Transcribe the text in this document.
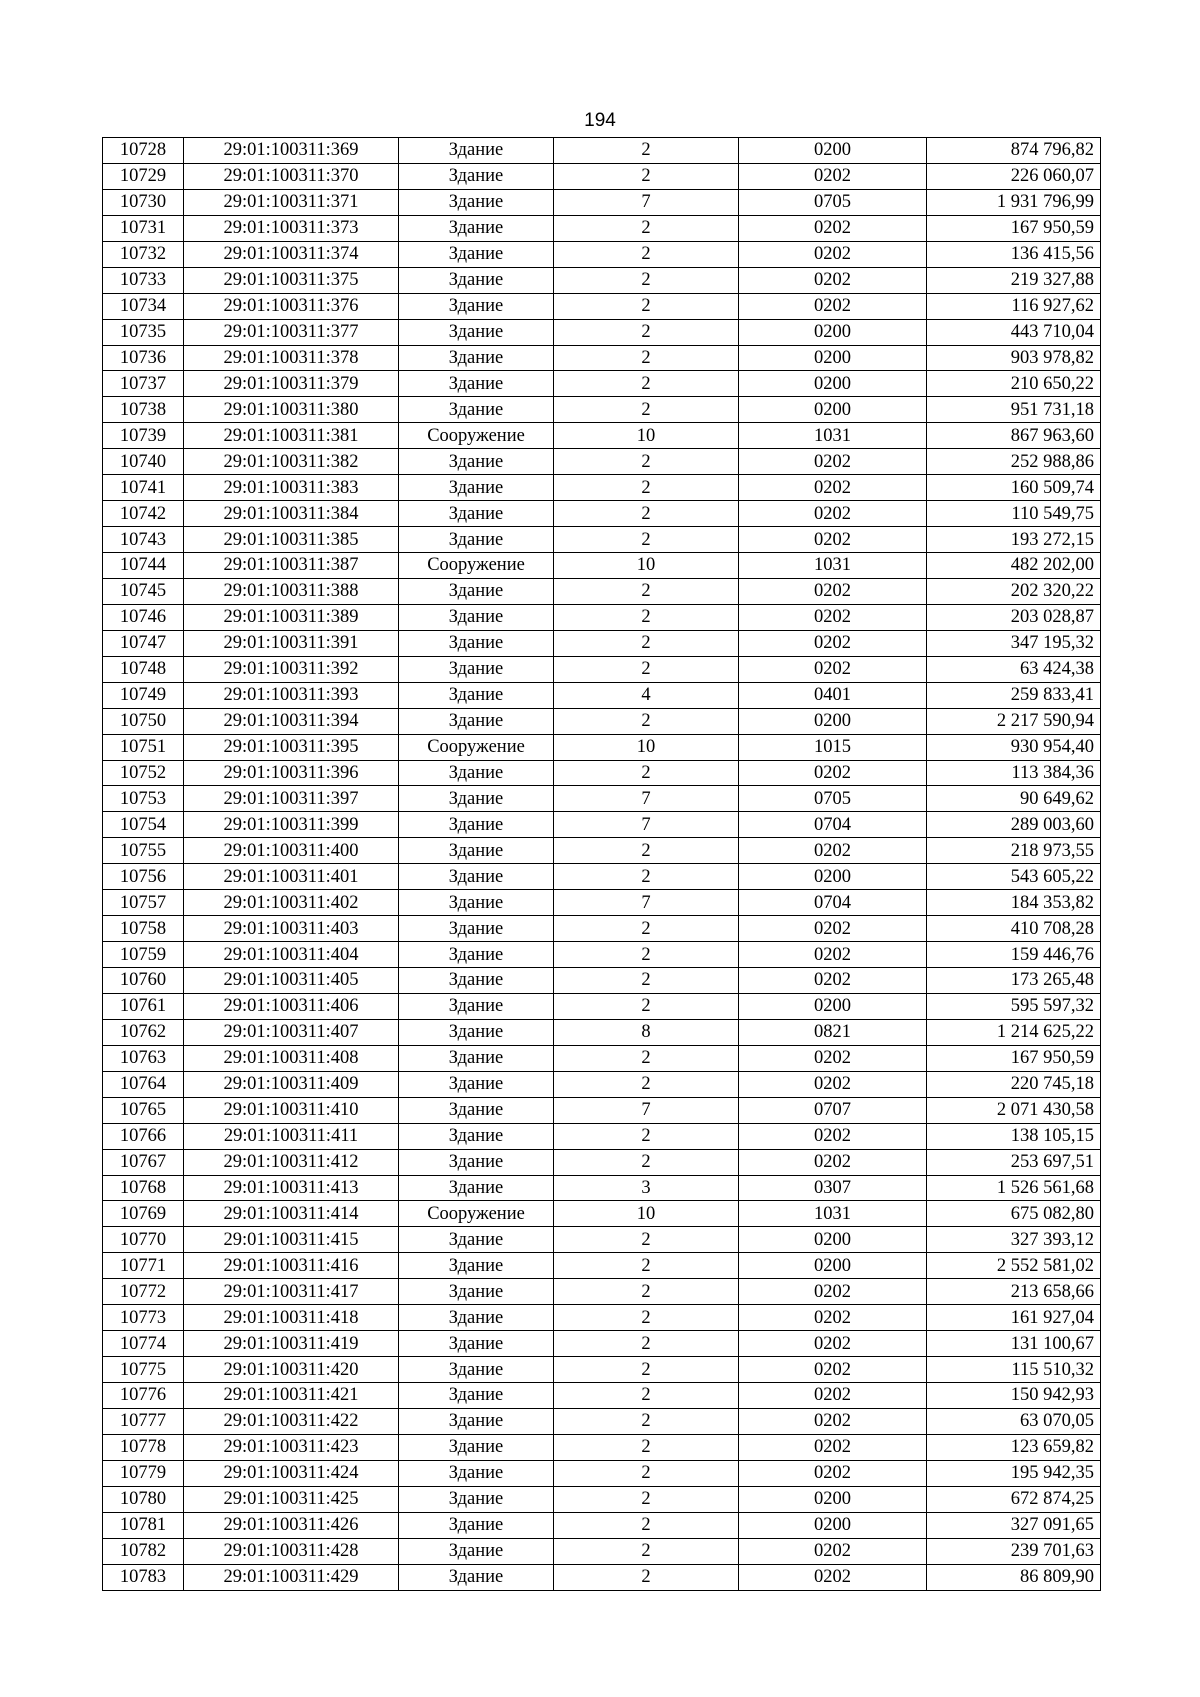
194
10728	29:01:100311:369	Здание	2	0200	874 796,82
10729	29:01:100311:370	Здание	2	0202	226 060,07
10730	29:01:100311:371	Здание	7	0705	1 931 796,99
10731	29:01:100311:373	Здание	2	0202	167 950,59
10732	29:01:100311:374	Здание	2	0202	136 415,56
10733	29:01:100311:375	Здание	2	0202	219 327,88
10734	29:01:100311:376	Здание	2	0202	116 927,62
10735	29:01:100311:377	Здание	2	0200	443 710,04
10736	29:01:100311:378	Здание	2	0200	903 978,82
10737	29:01:100311:379	Здание	2	0200	210 650,22
10738	29:01:100311:380	Здание	2	0200	951 731,18
10739	29:01:100311:381	Сооружение	10	1031	867 963,60
10740	29:01:100311:382	Здание	2	0202	252 988,86
10741	29:01:100311:383	Здание	2	0202	160 509,74
10742	29:01:100311:384	Здание	2	0202	110 549,75
10743	29:01:100311:385	Здание	2	0202	193 272,15
10744	29:01:100311:387	Сооружение	10	1031	482 202,00
10745	29:01:100311:388	Здание	2	0202	202 320,22
10746	29:01:100311:389	Здание	2	0202	203 028,87
10747	29:01:100311:391	Здание	2	0202	347 195,32
10748	29:01:100311:392	Здание	2	0202	63 424,38
10749	29:01:100311:393	Здание	4	0401	259 833,41
10750	29:01:100311:394	Здание	2	0200	2 217 590,94
10751	29:01:100311:395	Сооружение	10	1015	930 954,40
10752	29:01:100311:396	Здание	2	0202	113 384,36
10753	29:01:100311:397	Здание	7	0705	90 649,62
10754	29:01:100311:399	Здание	7	0704	289 003,60
10755	29:01:100311:400	Здание	2	0202	218 973,55
10756	29:01:100311:401	Здание	2	0200	543 605,22
10757	29:01:100311:402	Здание	7	0704	184 353,82
10758	29:01:100311:403	Здание	2	0202	410 708,28
10759	29:01:100311:404	Здание	2	0202	159 446,76
10760	29:01:100311:405	Здание	2	0202	173 265,48
10761	29:01:100311:406	Здание	2	0200	595 597,32
10762	29:01:100311:407	Здание	8	0821	1 214 625,22
10763	29:01:100311:408	Здание	2	0202	167 950,59
10764	29:01:100311:409	Здание	2	0202	220 745,18
10765	29:01:100311:410	Здание	7	0707	2 071 430,58
10766	29:01:100311:411	Здание	2	0202	138 105,15
10767	29:01:100311:412	Здание	2	0202	253 697,51
10768	29:01:100311:413	Здание	3	0307	1 526 561,68
10769	29:01:100311:414	Сооружение	10	1031	675 082,80
10770	29:01:100311:415	Здание	2	0200	327 393,12
10771	29:01:100311:416	Здание	2	0200	2 552 581,02
10772	29:01:100311:417	Здание	2	0202	213 658,66
10773	29:01:100311:418	Здание	2	0202	161 927,04
10774	29:01:100311:419	Здание	2	0202	131 100,67
10775	29:01:100311:420	Здание	2	0202	115 510,32
10776	29:01:100311:421	Здание	2	0202	150 942,93
10777	29:01:100311:422	Здание	2	0202	63 070,05
10778	29:01:100311:423	Здание	2	0202	123 659,82
10779	29:01:100311:424	Здание	2	0202	195 942,35
10780	29:01:100311:425	Здание	2	0200	672 874,25
10781	29:01:100311:426	Здание	2	0200	327 091,65
10782	29:01:100311:428	Здание	2	0202	239 701,63
10783	29:01:100311:429	Здание	2	0202	86 809,90
